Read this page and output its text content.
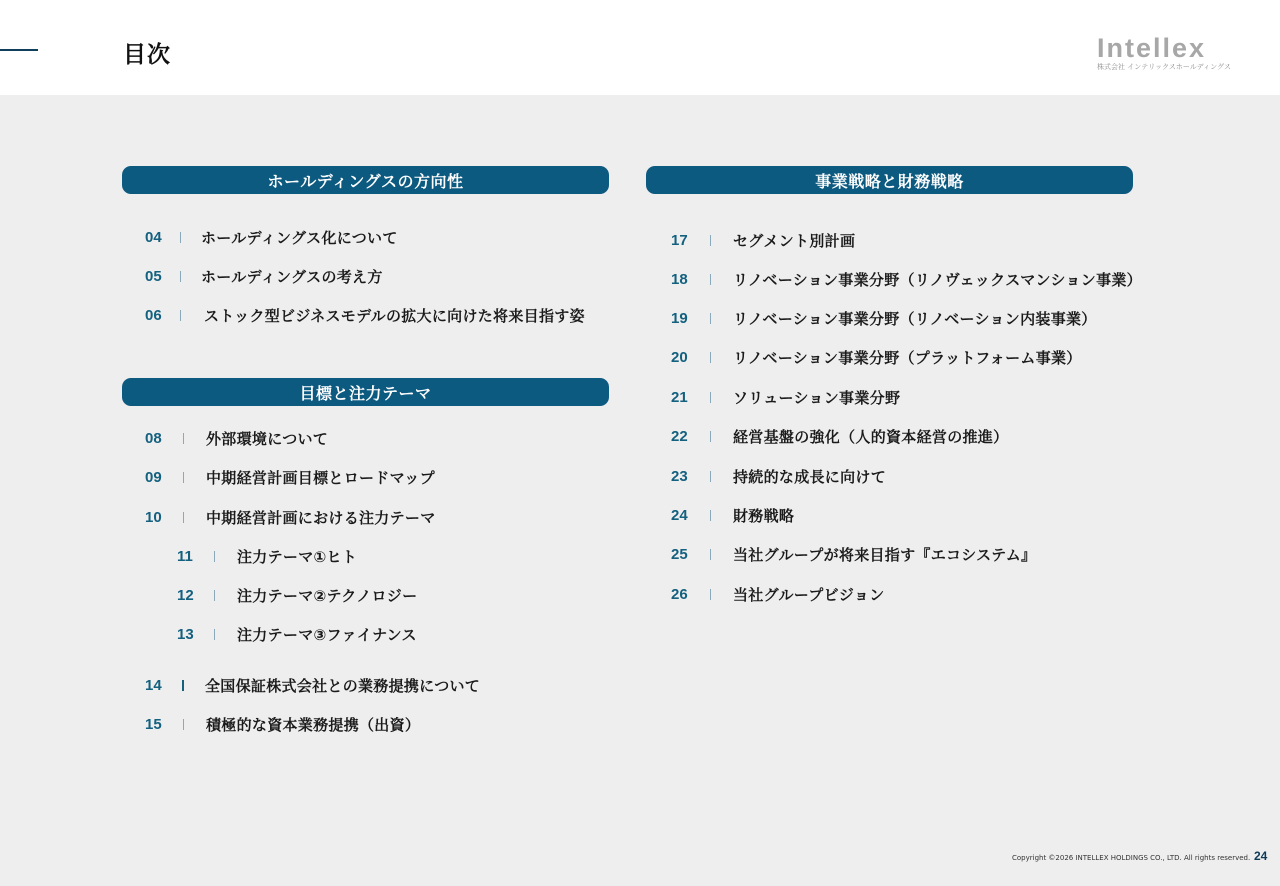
目次	Intellex
株式会社 インテリックスホールディングス
ホールディングスの方向性
目標と注力テーマ
事業戦略と財務戦略
04	ホールディングス化について
05	ホールディングスの考え方
06	ストック型ビジネスモデルの拡大に向けた将来目指す姿
08	外部環境について
09	中期経営計画目標とロードマップ
10	中期経営計画における注力テーマ
11	注力テーマ①ヒト
12	注力テーマ②テクノロジー
13	注力テーマ③ファイナンス
14	全国保証株式会社との業務提携について
15	積極的な資本業務提携（出資）
17	セグメント別計画
18	リノベーション事業分野（リノヴェックスマンション事業）
19	リノベーション事業分野（リノベーション内装事業）
20	リノベーション事業分野（プラットフォーム事業）
21	ソリューション事業分野
22	経営基盤の強化（人的資本経営の推進）
23	持続的な成長に向けて
24	財務戦略
25	当社グループが将来目指す『エコシステム』
26	当社グループビジョン
Copyright ©2026 INTELLEX HOLDINGS CO., LTD. All rights reserved. 24
